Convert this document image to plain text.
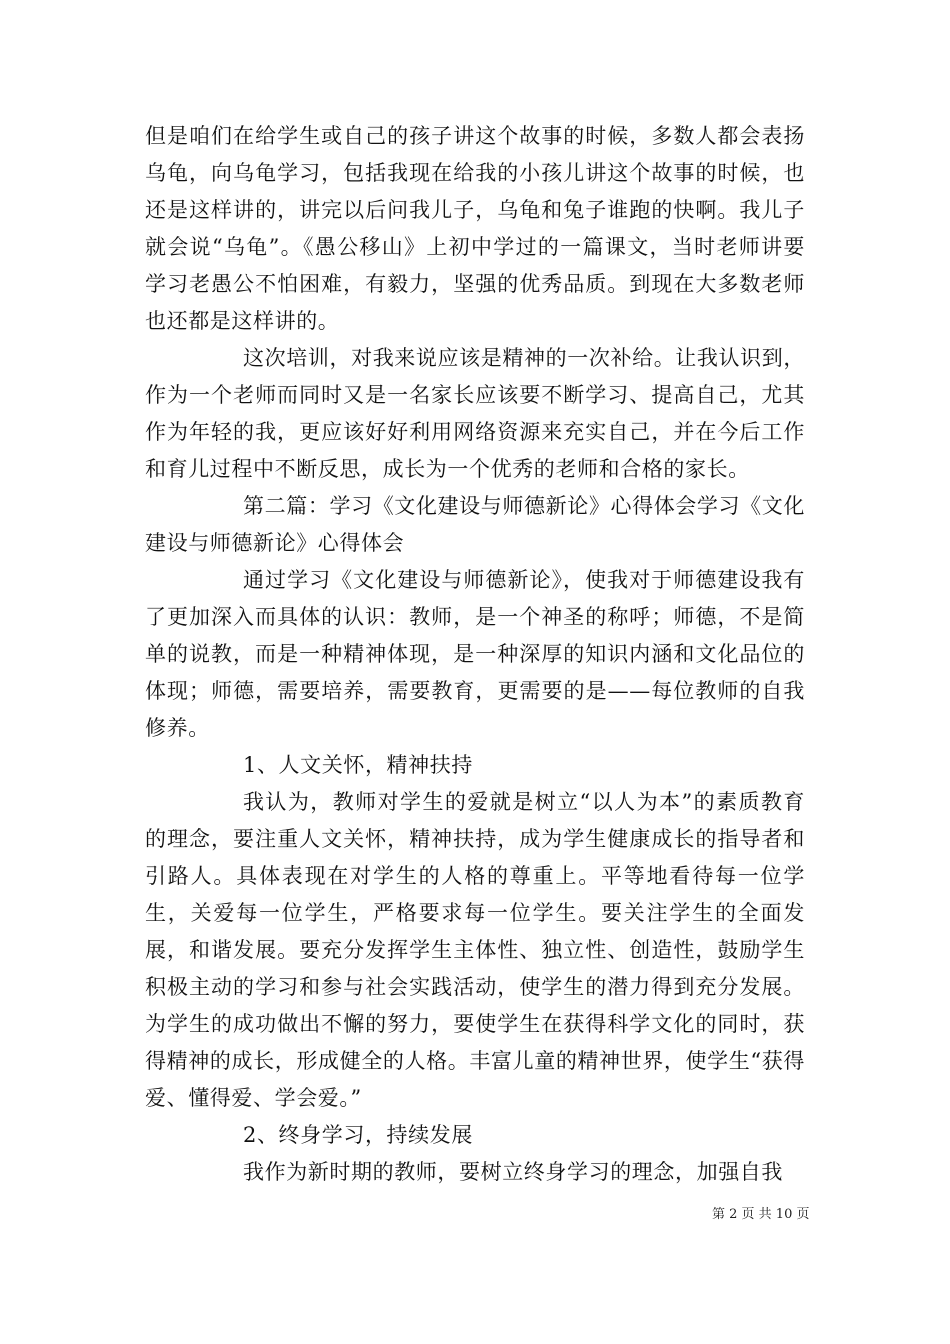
但是咱们在给学生或自己的孩子讲这个故事的时候，多数人都会表扬乌龟，向乌龟学习，包括我现在给我的小孩儿讲这个故事的时候，也还是这样讲的，讲完以后问我儿子，乌龟和兔子谁跑的快啊。我儿子就会说“乌龟”。《愚公移山》上初中学过的一篇课文，当时老师讲要学习老愚公不怕困难，有毅力，坚强的优秀品质。到现在大多数老师也还都是这样讲的。

这次培训，对我来说应该是精神的一次补给。让我认识到，作为一个老师而同时又是一名家长应该要不断学习、提高自己，尤其作为年轻的我，更应该好好利用网络资源来充实自己，并在今后工作和育儿过程中不断反思，成长为一个优秀的老师和合格的家长。

第二篇：学习《文化建设与师德新论》心得体会学习《文化建设与师德新论》心得体会

通过学习《文化建设与师德新论》，使我对于师德建设我有了更加深入而具体的认识：教师，是一个神圣的称呼；师德，不是简单的说教，而是一种精神体现，是一种深厚的知识内涵和文化品位的体现；师德，需要培养，需要教育，更需要的是——每位教师的自我修养。

1、人文关怀，精神扶持

我认为，教师对学生的爱就是树立“以人为本”的素质教育的理念，要注重人文关怀，精神扶持，成为学生健康成长的指导者和引路人。具体表现在对学生的人格的尊重上。平等地看待每一位学生，关爱每一位学生，严格要求每一位学生。要关注学生的全面发展，和谐发展。要充分发挥学生主体性、独立性、创造性，鼓励学生积极主动的学习和参与社会实践活动，使学生的潜力得到充分发展。为学生的成功做出不懈的努力，要使学生在获得科学文化的同时，获得精神的成长，形成健全的人格。丰富儿童的精神世界，使学生“获得爱、懂得爱、学会爱。”

2、终身学习，持续发展

我作为新时期的教师，要树立终身学习的理念，加强自我

第 2 页 共 10 页
